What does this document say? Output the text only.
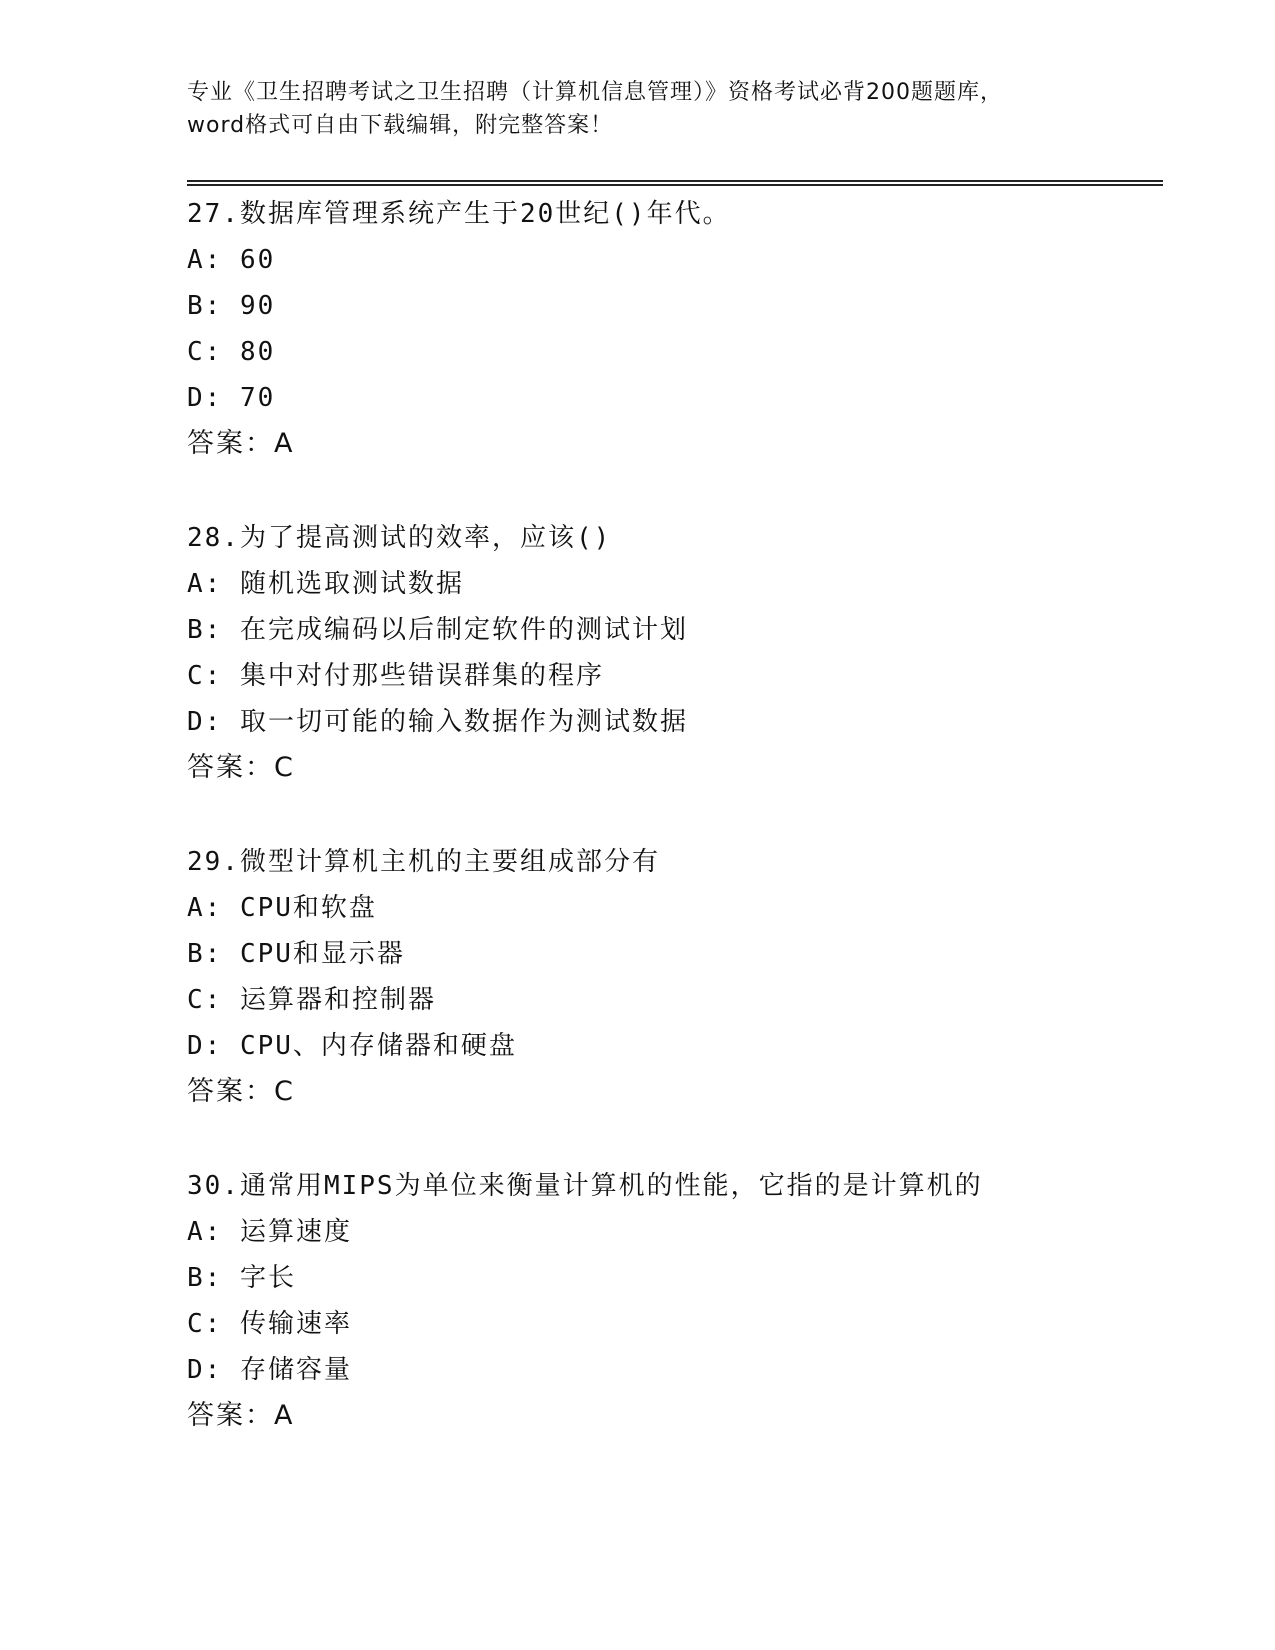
专业《卫生招聘考试之卫生招聘（计算机信息管理）》资格考试必背200题题库，
word格式可自由下载编辑，附完整答案！
27.数据库管理系统产生于20世纪()年代。
A: 60
B: 90
C: 80
D: 70
答案：A
28.为了提高测试的效率，应该()
A: 随机选取测试数据
B: 在完成编码以后制定软件的测试计划
C: 集中对付那些错误群集的程序
D: 取一切可能的输入数据作为测试数据
答案：C
29.微型计算机主机的主要组成部分有
A: CPU和软盘
B: CPU和显示器
C: 运算器和控制器
D: CPU、内存储器和硬盘
答案：C
30.通常用MIPS为单位来衡量计算机的性能，它指的是计算机的
A: 运算速度
B: 字长
C: 传输速率
D: 存储容量
答案：A
